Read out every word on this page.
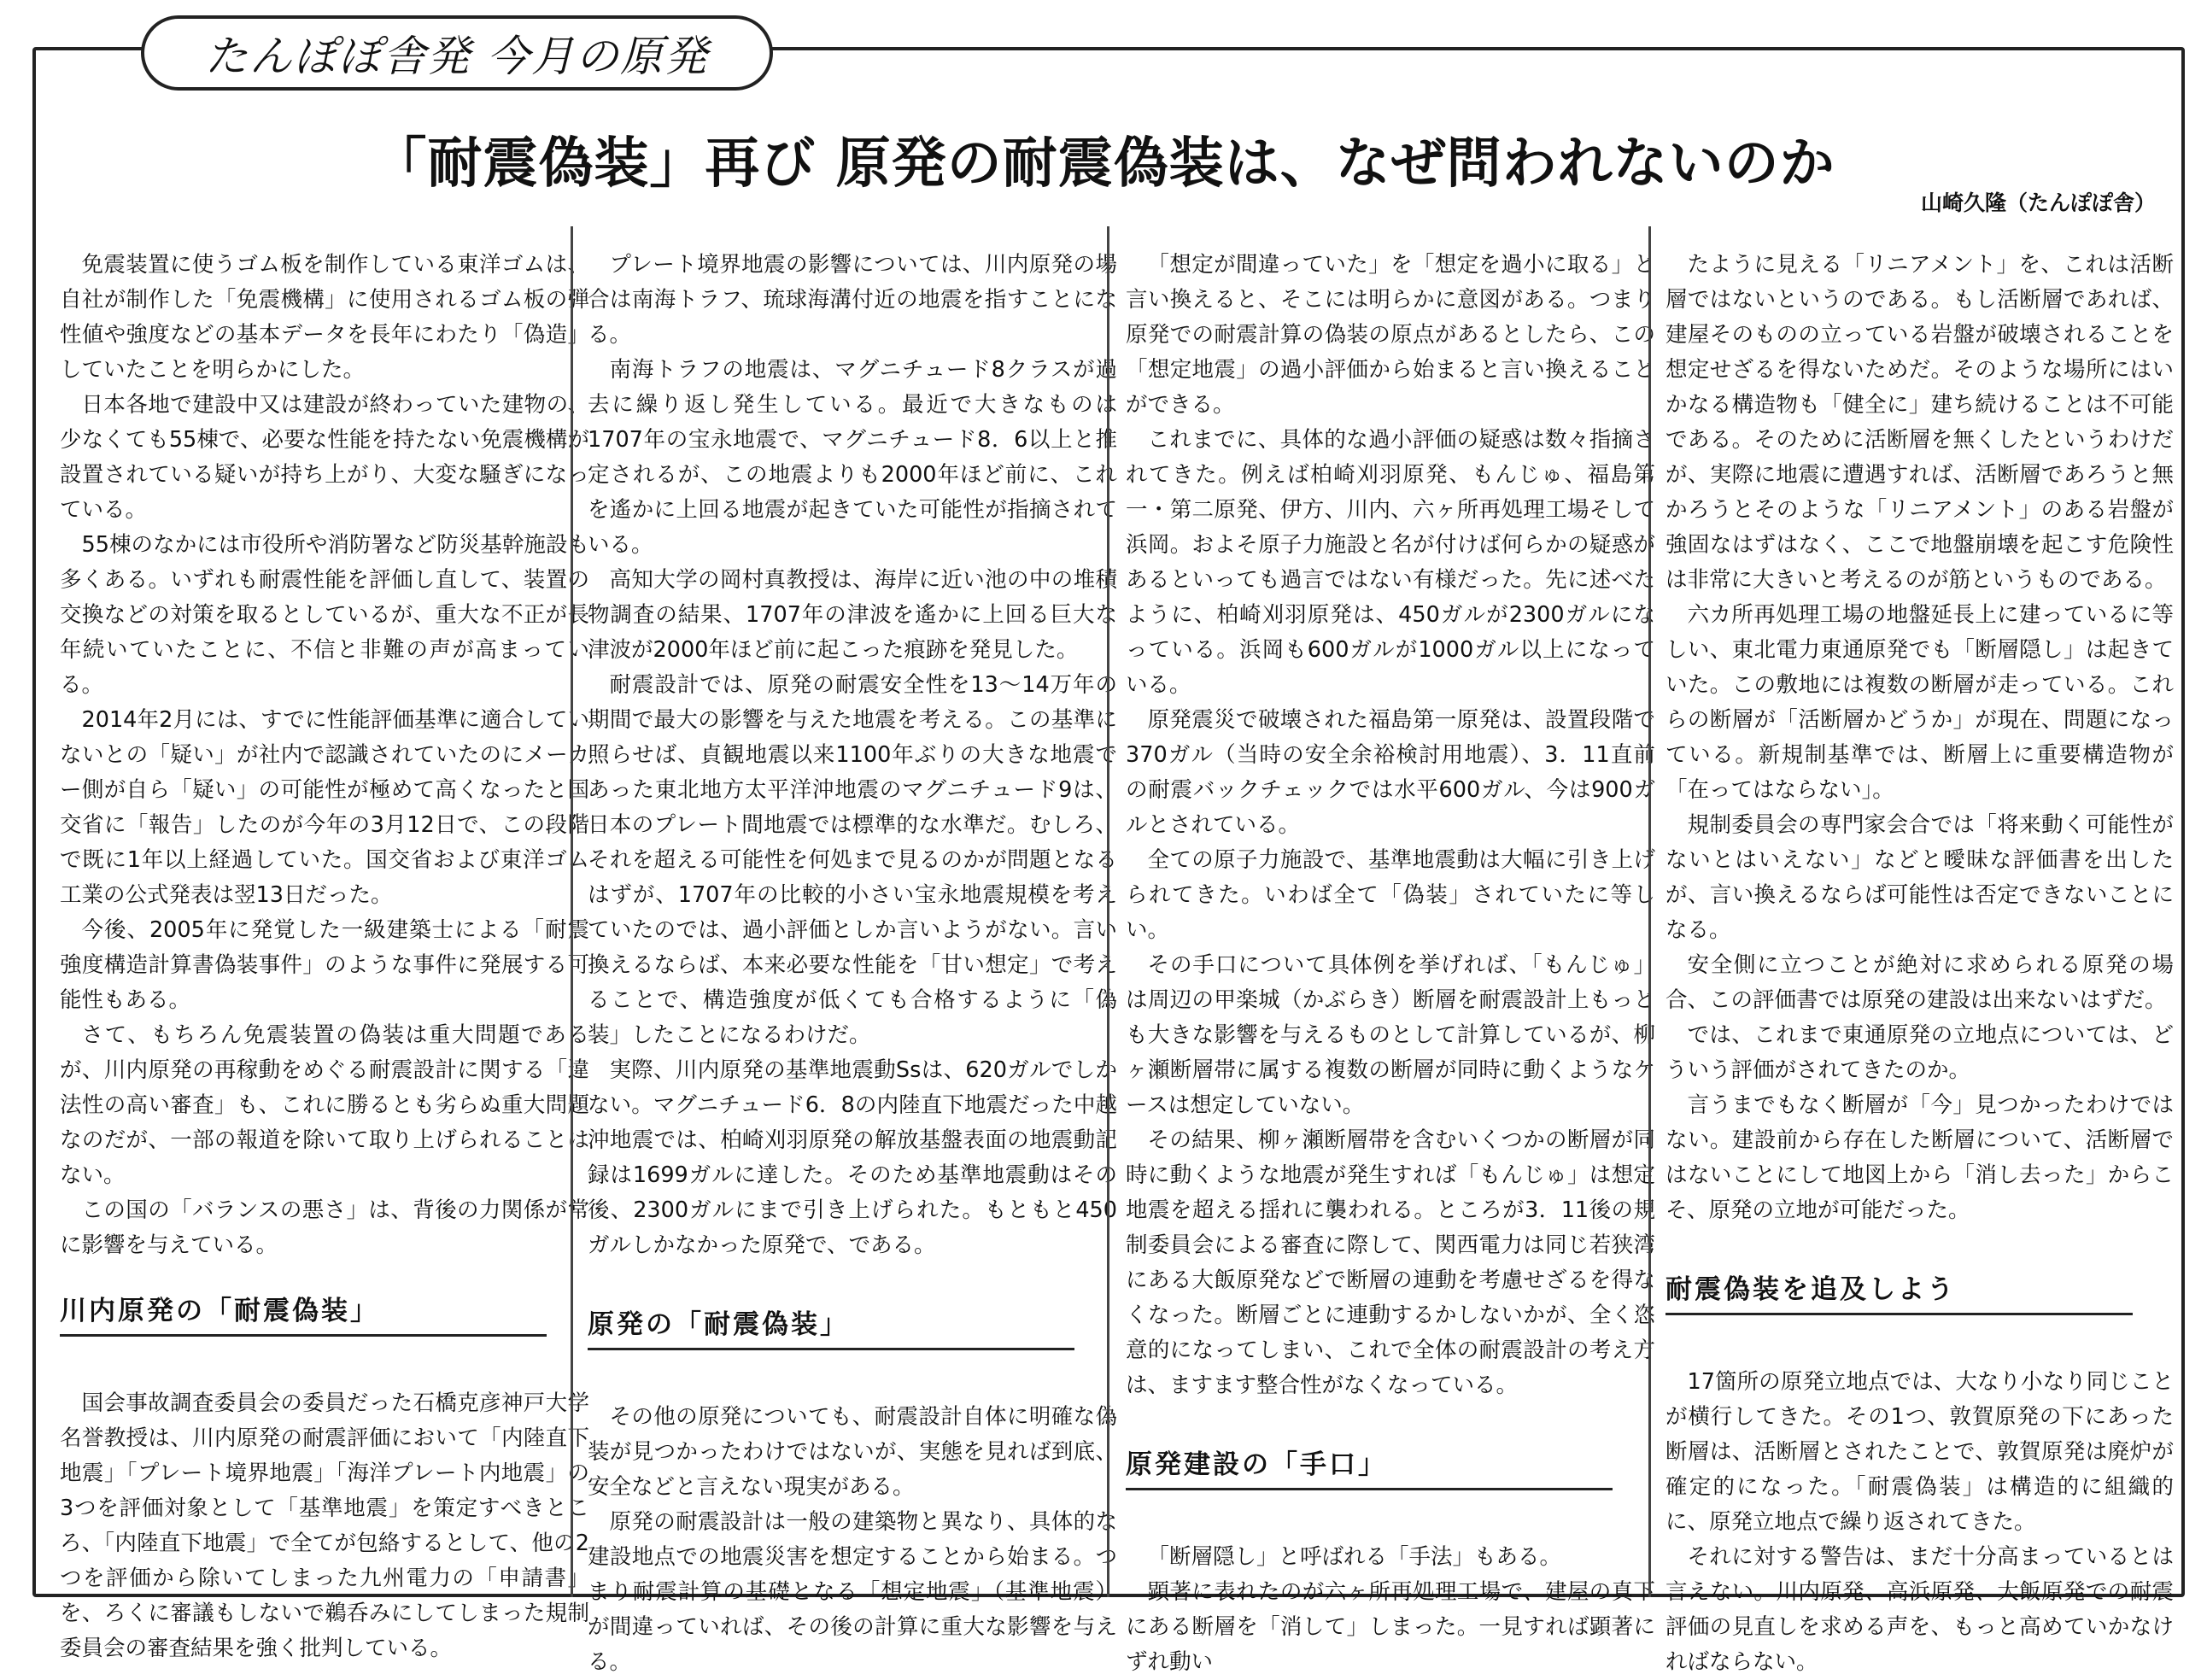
たんぽぽ舎発 今月の原発
「耐震偽装」再び 原発の耐震偽装は、なぜ問われないのか
山崎久隆（たんぽぽ舎）

免震装置に使うゴム板を制作している東洋ゴムは、自社が制作した「免震機構」に使用されるゴム板の弾性値や強度などの基本データを長年にわたり「偽造」していたことを明らかにした。

日本各地で建設中又は建設が終わっていた建物の、少なくても55棟で、必要な性能を持たない免震機構が設置されている疑いが持ち上がり、大変な騒ぎになっている。

55棟のなかには市役所や消防署など防災基幹施設も多くある。いずれも耐震性能を評価し直して、装置の交換などの対策を取るとしているが、重大な不正が長年続いていたことに、不信と非難の声が高まっている。

2014年2月には、すでに性能評価基準に適合していないとの「疑い」が社内で認識されていたのにメーカー側が自ら「疑い」の可能性が極めて高くなったと国交省に「報告」したのが今年の3月12日で、この段階で既に1年以上経過していた。国交省および東洋ゴム工業の公式発表は翌13日だった。

今後、2005年に発覚した一級建築士による「耐震強度構造計算書偽装事件」のような事件に発展する可能性もある。

さて、もちろん免震装置の偽装は重大問題であるが、川内原発の再稼動をめぐる耐震設計に関する「違法性の高い審査」も、これに勝るとも劣らぬ重大問題なのだが、一部の報道を除いて取り上げられることはない。

この国の「バランスの悪さ」は、背後の力関係が常に影響を与えている。

川内原発の「耐震偽装」

国会事故調査委員会の委員だった石橋克彦神戸大学名誉教授は、川内原発の耐震評価において「内陸直下地震」「プレート境界地震」「海洋プレート内地震」の3つを評価対象として「基準地震」を策定すべきところ、「内陸直下地震」で全てが包絡するとして、他の2つを評価から除いてしまった九州電力の「申請書」を、ろくに審議もしないで鵜呑みにしてしまった規制委員会の審査結果を強く批判している。

プレート境界地震の影響については、川内原発の場合は南海トラフ、琉球海溝付近の地震を指すことになる。

南海トラフの地震は、マグニチュード8クラスが過去に繰り返し発生している。最近で大きなものは1707年の宝永地震で、マグニチュード8．6以上と推定されるが、この地震よりも2000年ほど前に、これを遙かに上回る地震が起きていた可能性が指摘されている。

高知大学の岡村真教授は、海岸に近い池の中の堆積物調査の結果、1707年の津波を遙かに上回る巨大な津波が2000年ほど前に起こった痕跡を発見した。

耐震設計では、原発の耐震安全性を13～14万年の期間で最大の影響を与えた地震を考える。この基準に照らせば、貞観地震以来1100年ぶりの大きな地震であった東北地方太平洋沖地震のマグニチュード9は、日本のプレート間地震では標準的な水準だ。むしろ、それを超える可能性を何処まで見るのかが問題となるはずが、1707年の比較的小さい宝永地震規模を考えていたのでは、過小評価としか言いようがない。言い換えるならば、本来必要な性能を「甘い想定」で考えることで、構造強度が低くても合格するように「偽装」したことになるわけだ。

実際、川内原発の基準地震動Ssは、620ガルでしかない。マグニチュード6．8の内陸直下地震だった中越沖地震では、柏崎刈羽原発の解放基盤表面の地震動記録は1699ガルに達した。そのため基準地震動はその後、2300ガルにまで引き上げられた。もともと450ガルしかなかった原発で、である。

原発の「耐震偽装」

その他の原発についても、耐震設計自体に明確な偽装が見つかったわけではないが、実態を見れば到底、安全などと言えない現実がある。

原発の耐震設計は一般の建築物と異なり、具体的な建設地点での地震災害を想定することから始まる。つまり耐震計算の基礎となる「想定地震」（基準地震）が間違っていれば、その後の計算に重大な影響を与える。

「想定が間違っていた」を「想定を過小に取る」と言い換えると、そこには明らかに意図がある。つまり原発での耐震計算の偽装の原点があるとしたら、この「想定地震」の過小評価から始まると言い換えることができる。

これまでに、具体的な過小評価の疑惑は数々指摘されてきた。例えば柏崎刈羽原発、もんじゅ、福島第一・第二原発、伊方、川内、六ヶ所再処理工場そして浜岡。およそ原子力施設と名が付けば何らかの疑惑があるといっても過言ではない有様だった。先に述べたように、柏崎刈羽原発は、450ガルが2300ガルになっている。浜岡も600ガルが1000ガル以上になっている。

原発震災で破壊された福島第一原発は、設置段階で370ガル（当時の安全余裕検討用地震）、3．11直前の耐震バックチェックでは水平600ガル、今は900ガルとされている。

全ての原子力施設で、基準地震動は大幅に引き上げられてきた。いわば全て「偽装」されていたに等しい。

その手口について具体例を挙げれば、「もんじゅ」は周辺の甲楽城（かぶらき）断層を耐震設計上もっとも大きな影響を与えるものとして計算しているが、柳ヶ瀬断層帯に属する複数の断層が同時に動くようなケースは想定していない。

その結果、柳ヶ瀬断層帯を含むいくつかの断層が同時に動くような地震が発生すれば「もんじゅ」は想定地震を超える揺れに襲われる。ところが3．11後の規制委員会による審査に際して、関西電力は同じ若狭湾にある大飯原発などで断層の連動を考慮せざるを得なくなった。断層ごとに連動するかしないかが、全く恣意的になってしまい、これで全体の耐震設計の考え方は、ますます整合性がなくなっている。

原発建設の「手口」

「断層隠し」と呼ばれる「手法」もある。

顕著に表れたのが六ヶ所再処理工場で、建屋の真下にある断層を「消して」しまった。一見すれば顕著にずれ動い

たように見える「リニアメント」を、これは活断層ではないというのである。もし活断層であれば、建屋そのものの立っている岩盤が破壊されることを想定せざるを得ないためだ。そのような場所にはいかなる構造物も「健全に」建ち続けることは不可能である。そのために活断層を無くしたというわけだが、実際に地震に遭遇すれば、活断層であろうと無かろうとそのような「リニアメント」のある岩盤が強固なはずはなく、ここで地盤崩壊を起こす危険性は非常に大きいと考えるのが筋というものである。

六カ所再処理工場の地盤延長上に建っているに等しい、東北電力東通原発でも「断層隠し」は起きていた。この敷地には複数の断層が走っている。これらの断層が「活断層かどうか」が現在、問題になっている。新規制基準では、断層上に重要構造物が「在ってはならない」。

規制委員会の専門家会合では「将来動く可能性がないとはいえない」などと曖昧な評価書を出したが、言い換えるならば可能性は否定できないことになる。

安全側に立つことが絶対に求められる原発の場合、この評価書では原発の建設は出来ないはずだ。

では、これまで東通原発の立地点については、どういう評価がされてきたのか。

言うまでもなく断層が「今」見つかったわけではない。建設前から存在した断層について、活断層ではないことにして地図上から「消し去った」からこそ、原発の立地が可能だった。

耐震偽装を追及しよう

17箇所の原発立地点では、大なり小なり同じことが横行してきた。その1つ、敦賀原発の下にあった断層は、活断層とされたことで、敦賀原発は廃炉が確定的になった。「耐震偽装」は構造的に組織的に、原発立地点で繰り返されてきた。

それに対する警告は、まだ十分高まっているとは言えない。川内原発、高浜原発、大飯原発での耐震評価の見直しを求める声を、もっと高めていかなければならない。
